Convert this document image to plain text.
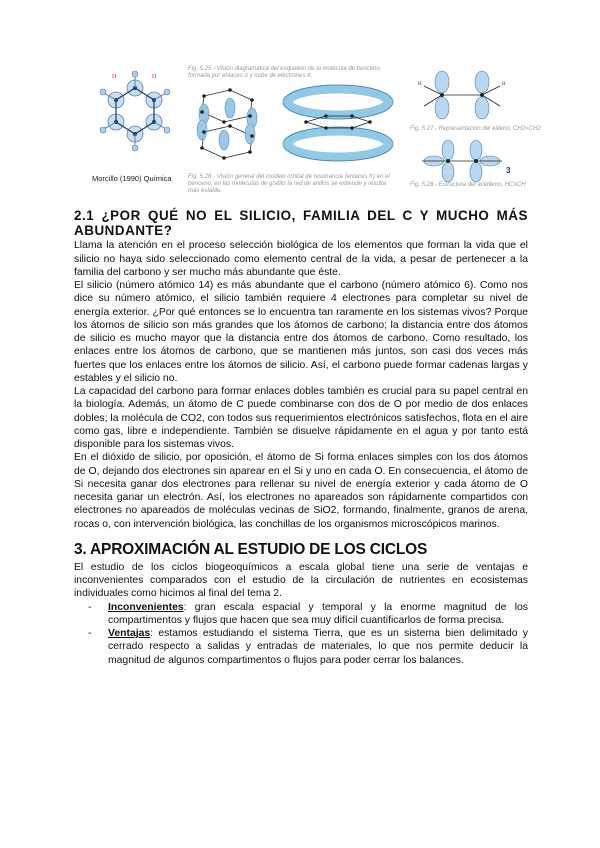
H	H
Morcillo (1990) Química
Fig. 5.25.- Visión diagramática del esqueleto de la molécula de benceno, formada por enlaces σ y nube de electrones π.
Fig. 5.26.- Visión general del modelo orbital de resonancia (enlaces π) en el benceno; en las moléculas de grafito la red de anillos se extiende y resulta más estable.
H	H
Fig. 5.27.- Representación del etileno, CH2=CH2
3
Fig. 5.28.- Estructura del acetileno, HC≡CH
2.1 ¿POR QUÉ NO EL SILICIO, FAMILIA DEL C Y MUCHO MÁS ABUNDANTE?

Llama la atención en el proceso selección biológica de los elementos que forman la vida que el silicio no haya sido seleccionado como elemento central de la vida, a pesar de pertenecer a la familia del carbono y ser mucho más abundante que éste.

El silicio (número atómico 14) es más abundante que el carbono (número atómico 6). Como nos dice su número atómico, el silicio también requiere 4 electrones para completar su nivel de energía exterior. ¿Por qué entonces se lo encuentra tan raramente en los sistemas vivos? Porque los átomos de silicio son más grandes que los átomos de carbono; la distancia entre dos átomos de silicio es mucho mayor que la distancia entre dos átomos de carbono. Como resultado, los enlaces entre los átomos de carbono, que se mantienen más juntos, son casi dos veces más fuertes que los enlaces entre los átomos de silicio. Así, el carbono puede formar cadenas largas y estables y el silicio no.

La capacidad del carbono para formar enlaces dobles también es crucial para su papel central en la biología. Además, un átomo de C puede combinarse con dos de O por medio de dos enlaces dobles; la molécula de CO2, con todos sus requerimientos electrónicos satisfechos, flota en el aire como gas, libre e independiente. También se disuelve rápidamente en el agua y por tanto está disponible para los sistemas vivos.

En el dióxido de silicio, por oposición, el átomo de Si forma enlaces simples con los dos átomos de O, dejando dos electrones sin aparear en el Si y uno en cada O. En consecuencia, el átomo de Si necesita ganar dos electrones para rellenar su nivel de energía exterior y cada átomo de O necesita ganar un electrón. Así, los electrones no apareados son rápidamente compartidos con electrones no apareados de moléculas vecinas de SiO2, formando, finalmente, granos de arena, rocas o, con intervención biológica, las conchillas de los organismos microscópicos marinos.

3. APROXIMACIÓN AL ESTUDIO DE LOS CICLOS

El estudio de los ciclos biogeoquímicos a escala global tiene una serie de ventajas e inconvenientes comparados con el estudio de la circulación de nutrientes en ecosistemas individuales como hicimos al final del tema 2.

- Inconvenientes: gran escala espacial y temporal y la enorme magnitud de los compartimentos y flujos que hacen que sea muy difícil cuantificarlos de forma precisa.
- Ventajas: estamos estudiando el sistema Tierra, que es un sistema bien delimitado y cerrado respecto a salidas y entradas de materiales, lo que nos permite deducir la magnitud de algunos compartimentos o flujos para poder cerrar los balances.
